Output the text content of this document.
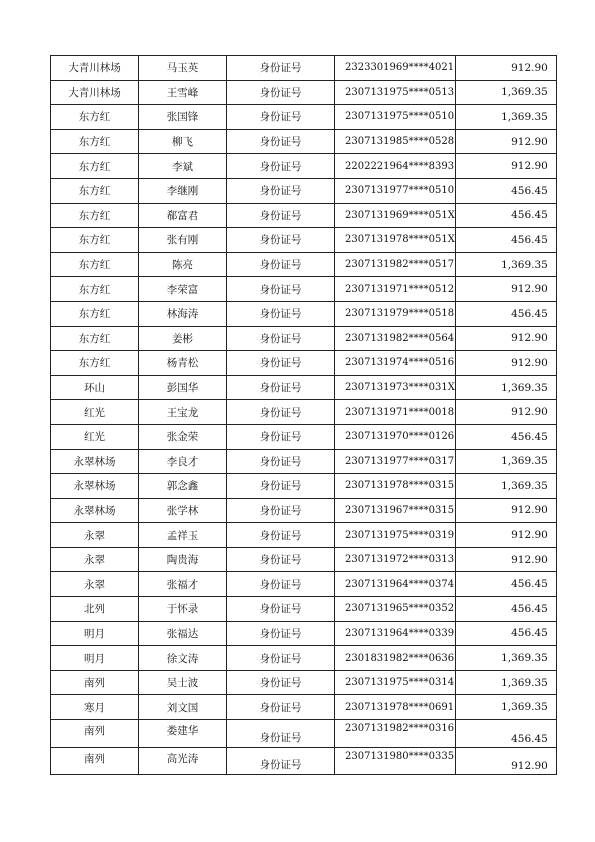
大青川林场	马玉英	身份证号	2323301969****4021	912.90
大青川林场	王雪峰	身份证号	2307131975****0513	1,369.35
东方红	张国锋	身份证号	2307131975****0510	1,369.35
东方红	柳飞	身份证号	2307131985****0528	912.90
东方红	李斌	身份证号	2202221964****8393	912.90
东方红	李继刚	身份证号	2307131977****0510	456.45
东方红	郗富君	身份证号	2307131969****051X	456.45
东方红	张有刚	身份证号	2307131978****051X	456.45
东方红	陈亮	身份证号	2307131982****0517	1,369.35
东方红	李荣富	身份证号	2307131971****0512	912.90
东方红	林海涛	身份证号	2307131979****0518	456.45
东方红	姜彬	身份证号	2307131982****0564	912.90
东方红	杨青松	身份证号	2307131974****0516	912.90
环山	彭国华	身份证号	2307131973****031X	1,369.35
红光	王宝龙	身份证号	2307131971****0018	912.90
红光	张金荣	身份证号	2307131970****0126	456.45
永翠林场	李良才	身份证号	2307131977****0317	1,369.35
永翠林场	郭念鑫	身份证号	2307131978****0315	1,369.35
永翠林场	张学林	身份证号	2307131967****0315	912.90
永翠	孟祥玉	身份证号	2307131975****0319	912.90
永翠	陶贵海	身份证号	2307131972****0313	912.90
永翠	张福才	身份证号	2307131964****0374	456.45
北列	于怀录	身份证号	2307131965****0352	456.45
明月	张福达	身份证号	2307131964****0339	456.45
明月	徐文涛	身份证号	2301831982****0636	1,369.35
南列	吴士波	身份证号	2307131975****0314	1,369.35
寒月	刘文国	身份证号	2307131978****0691	1,369.35
南列	娄建华	身份证号	2307131982****0316	456.45
南列	高光涛	身份证号	2307131980****0335	912.90
